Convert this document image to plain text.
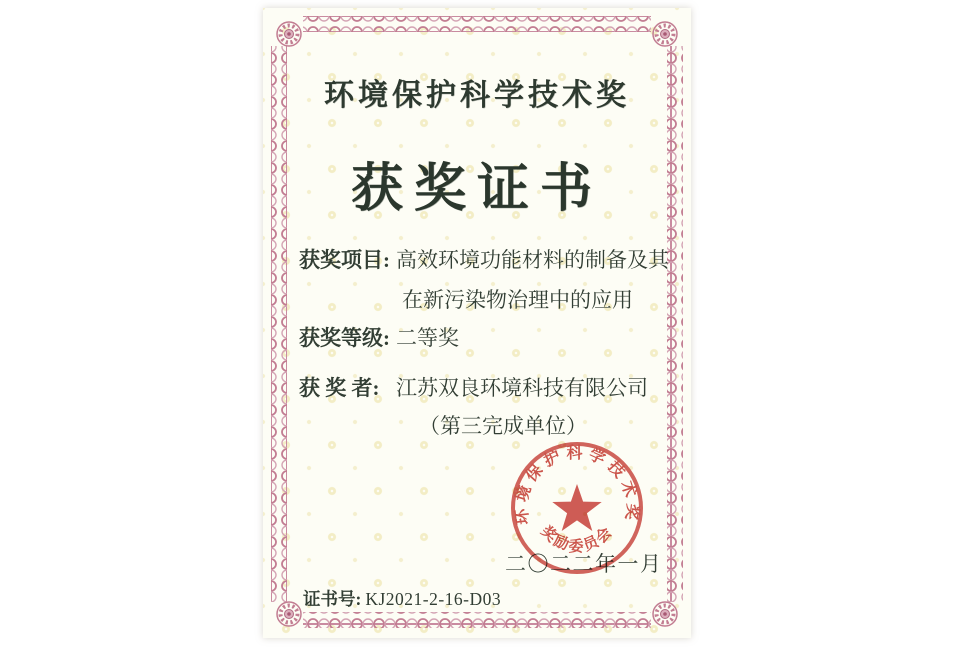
环境保护科学技术奖
获奖证书
获奖项目: 高效环境功能材料的制备及其
在新污染物治理中的应用
获奖等级: 二等奖
获 奖 者: 江苏双良环境科技有限公司
（第三完成单位）
二〇二二年一月
环境保护科学技术奖
奖励委员会
证书号: KJ2021-2-16-D03
